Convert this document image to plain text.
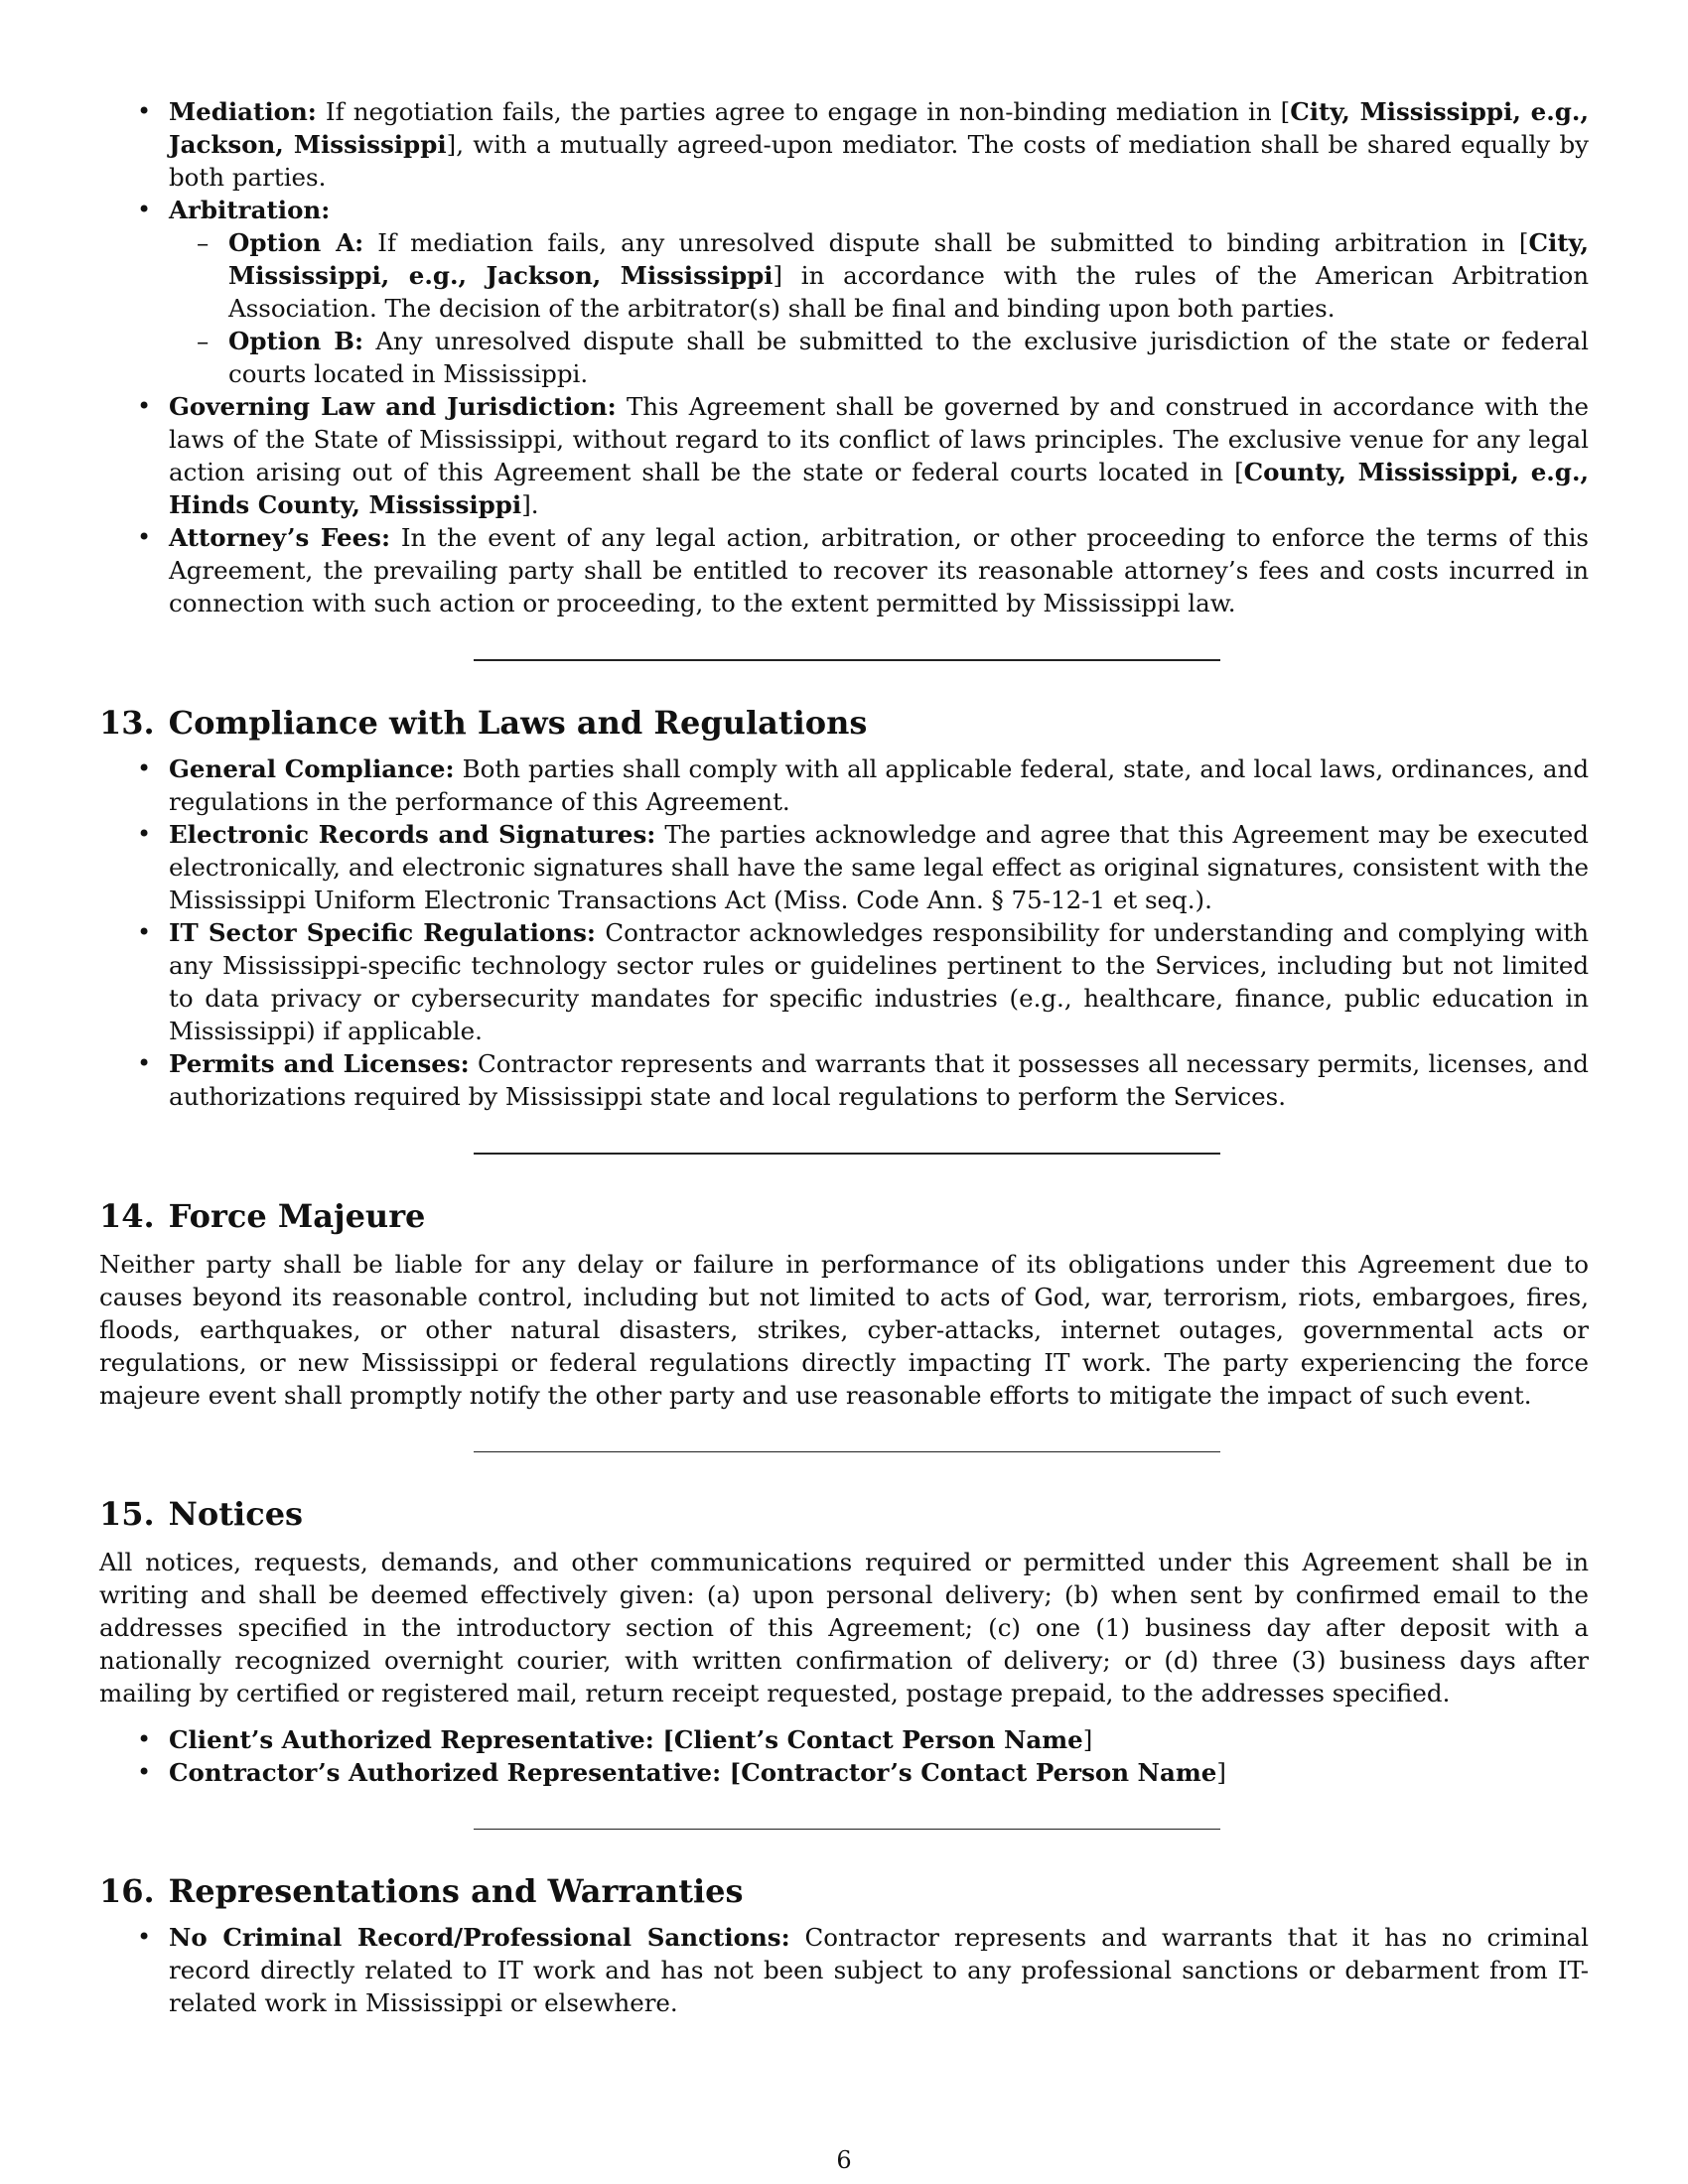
• Mediation: If negotiation fails, the parties agree to engage in non-binding mediation in [City, Mississippi, e.g., Jackson, Mississippi], with a mutually agreed-upon mediator. The costs of mediation shall be shared equally by both parties.
• Arbitration:
– Option A: If mediation fails, any unresolved dispute shall be submitted to binding arbitration in [City, Mississippi, e.g., Jackson, Mississippi] in accordance with the rules of the American Arbitration Association. The decision of the arbitrator(s) shall be final and binding upon both parties.
– Option B: Any unresolved dispute shall be submitted to the exclusive jurisdiction of the state or federal courts located in Mississippi.
• Governing Law and Jurisdiction: This Agreement shall be governed by and construed in accordance with the laws of the State of Mississippi, without regard to its conflict of laws principles. The exclusive venue for any legal action arising out of this Agreement shall be the state or federal courts located in [County, Mississippi, e.g., Hinds County, Mississippi].
• Attorney’s Fees: In the event of any legal action, arbitration, or other proceeding to enforce the terms of this Agreement, the prevailing party shall be entitled to recover its reasonable attorney’s fees and costs incurred in connection with such action or proceeding, to the extent permitted by Mississippi law.
13. Compliance with Laws and Regulations
• General Compliance: Both parties shall comply with all applicable federal, state, and local laws, ordinances, and regulations in the performance of this Agreement.
• Electronic Records and Signatures: The parties acknowledge and agree that this Agreement may be executed electronically, and electronic signatures shall have the same legal effect as original signatures, consistent with the Mississippi Uniform Electronic Transactions Act (Miss. Code Ann. § 75-12-1 et seq.).
• IT Sector Specific Regulations: Contractor acknowledges responsibility for understanding and complying with any Mississippi-specific technology sector rules or guidelines pertinent to the Services, including but not limited to data privacy or cybersecurity mandates for specific industries (e.g., healthcare, finance, public education in Mississippi) if applicable.
• Permits and Licenses: Contractor represents and warrants that it possesses all necessary permits, licenses, and authorizations required by Mississippi state and local regulations to perform the Services.
14. Force Majeure

Neither party shall be liable for any delay or failure in performance of its obligations under this Agreement due to causes beyond its reasonable control, including but not limited to acts of God, war, terrorism, riots, embargoes, fires, floods, earthquakes, or other natural disasters, strikes, cyber-attacks, internet outages, governmental acts or regulations, or new Mississippi or federal regulations directly impacting IT work. The party experiencing the force majeure event shall promptly notify the other party and use reasonable efforts to mitigate the impact of such event.

15. Notices

All notices, requests, demands, and other communications required or permitted under this Agreement shall be in writing and shall be deemed effectively given: (a) upon personal delivery; (b) when sent by confirmed email to the addresses specified in the introductory section of this Agreement; (c) one (1) business day after deposit with a nationally recognized overnight courier, with written confirmation of delivery; or (d) three (3) business days after mailing by certified or registered mail, return receipt requested, postage prepaid, to the addresses specified.

• Client’s Authorized Representative: [Client’s Contact Person Name]
• Contractor’s Authorized Representative: [Contractor’s Contact Person Name]
16. Representations and Warranties
• No Criminal Record/Professional Sanctions: Contractor represents and warrants that it has no criminal record directly related to IT work and has not been subject to any professional sanctions or debarment from IT-related work in Mississippi or elsewhere.
6
